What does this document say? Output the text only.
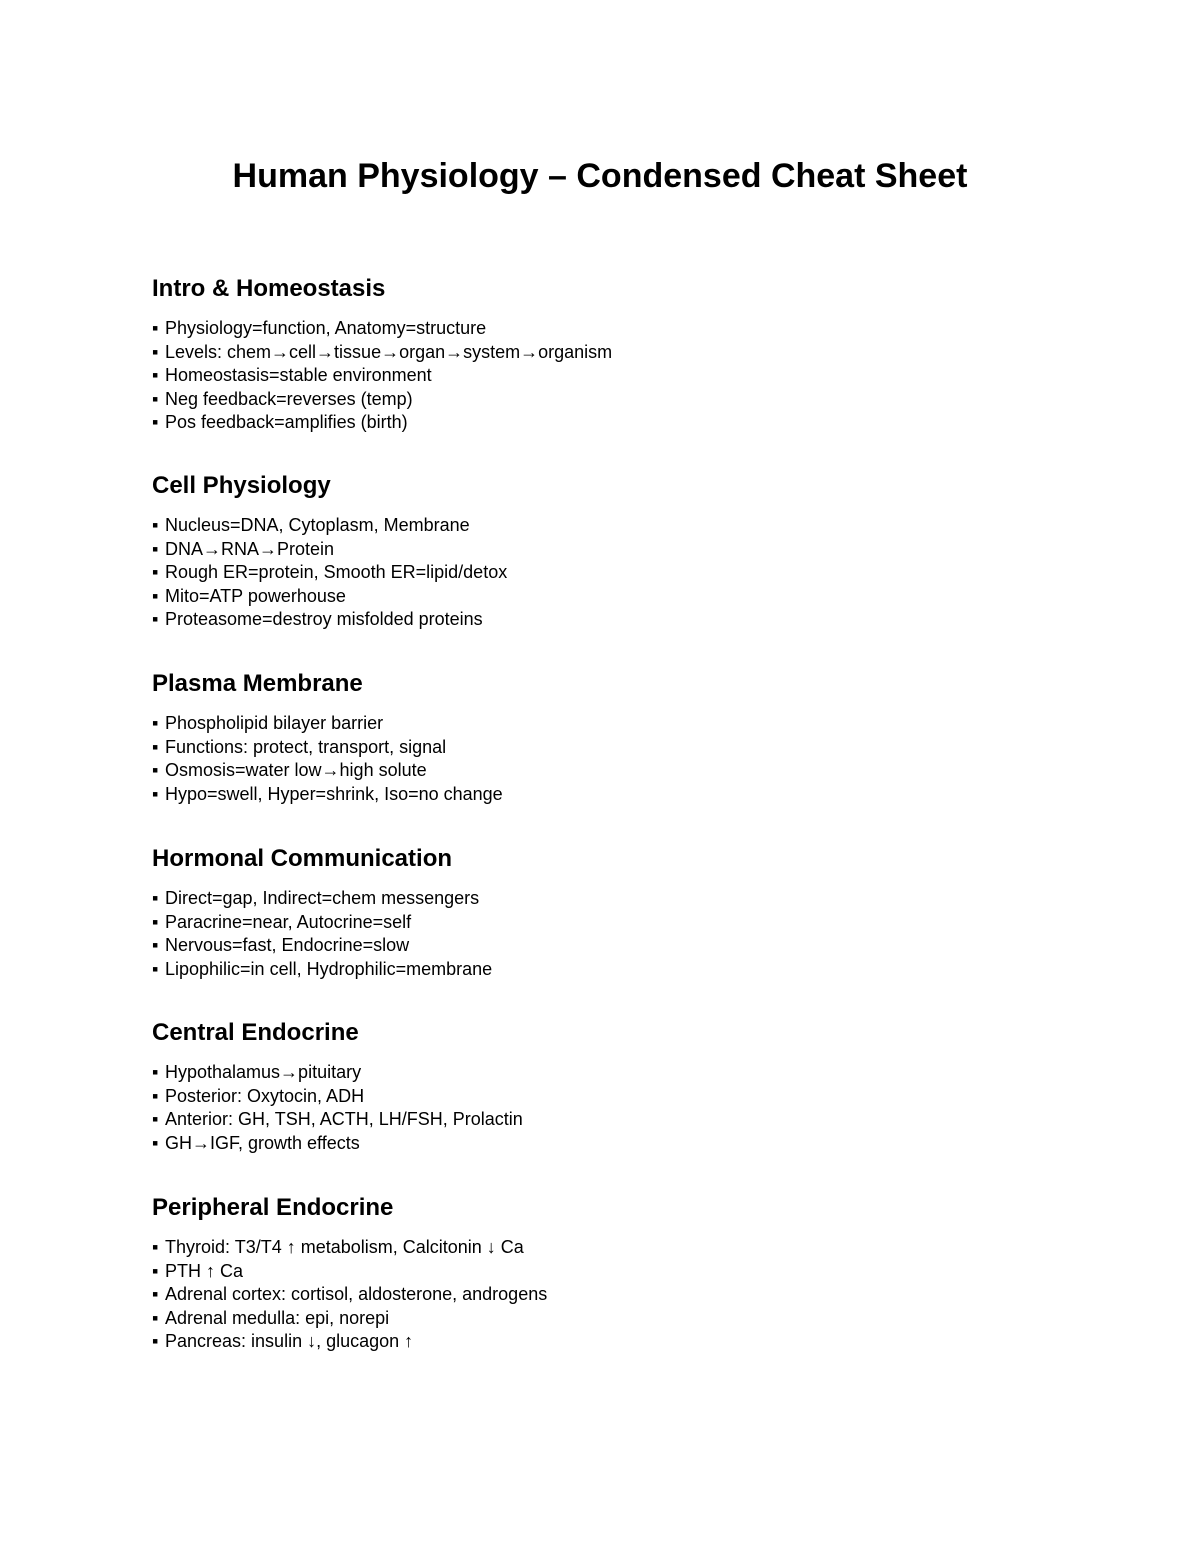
Human Physiology – Condensed Cheat Sheet
Intro & Homeostasis
▪ Physiology=function, Anatomy=structure
▪ Levels: chem→cell→tissue→organ→system→organism
▪ Homeostasis=stable environment
▪ Neg feedback=reverses (temp)
▪ Pos feedback=amplifies (birth)
Cell Physiology
▪ Nucleus=DNA, Cytoplasm, Membrane
▪ DNA→RNA→Protein
▪ Rough ER=protein, Smooth ER=lipid/detox
▪ Mito=ATP powerhouse
▪ Proteasome=destroy misfolded proteins
Plasma Membrane
▪ Phospholipid bilayer barrier
▪ Functions: protect, transport, signal
▪ Osmosis=water low→high solute
▪ Hypo=swell, Hyper=shrink, Iso=no change
Hormonal Communication
▪ Direct=gap, Indirect=chem messengers
▪ Paracrine=near, Autocrine=self
▪ Nervous=fast, Endocrine=slow
▪ Lipophilic=in cell, Hydrophilic=membrane
Central Endocrine
▪ Hypothalamus→pituitary
▪ Posterior: Oxytocin, ADH
▪ Anterior: GH, TSH, ACTH, LH/FSH, Prolactin
▪ GH→IGF, growth effects
Peripheral Endocrine
▪ Thyroid: T3/T4 ↑ metabolism, Calcitonin ↓ Ca
▪ PTH ↑ Ca
▪ Adrenal cortex: cortisol, aldosterone, androgens
▪ Adrenal medulla: epi, norepi
▪ Pancreas: insulin ↓, glucagon ↑
